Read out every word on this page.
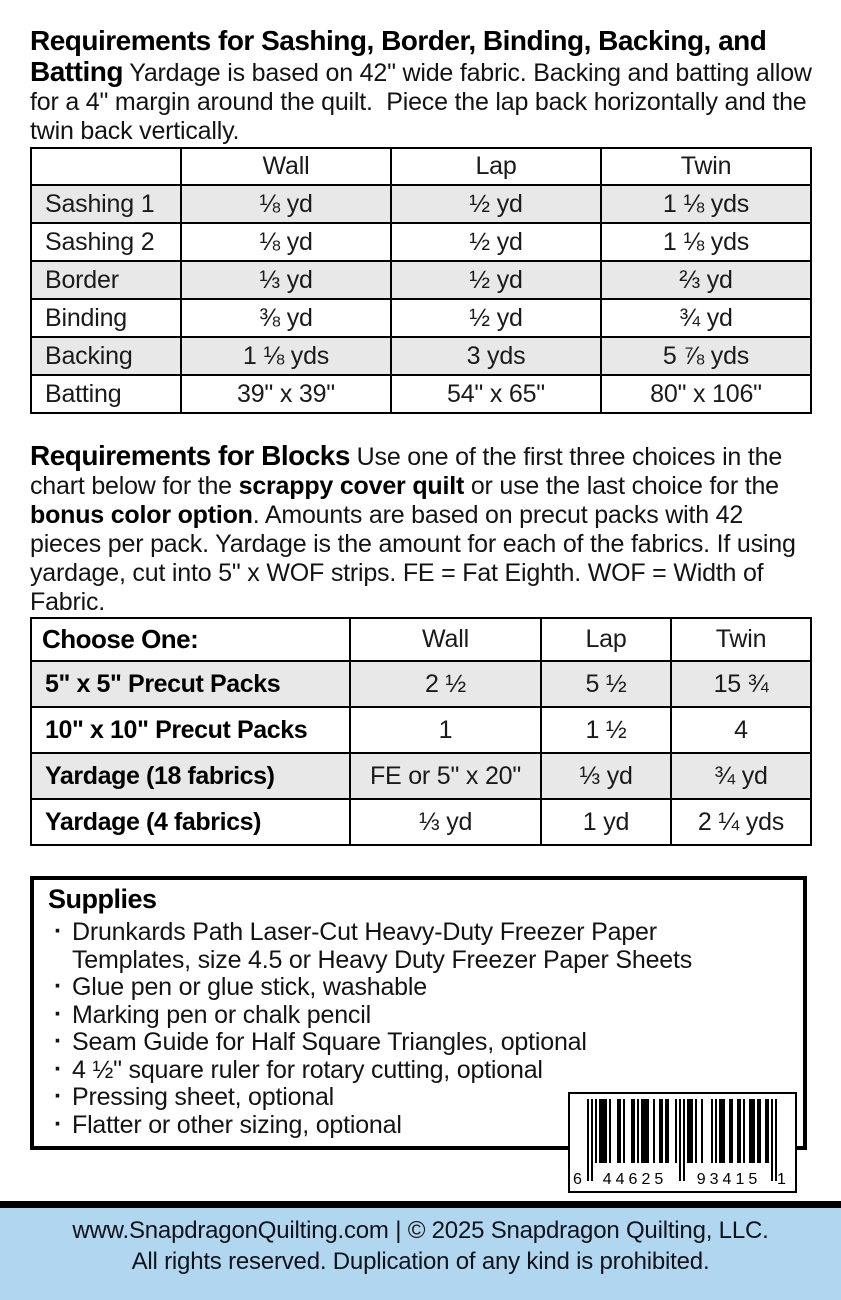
Requirements for Sashing, Border, Binding, Backing, and Batting Yardage is based on 42" wide fabric. Backing and batting allow for a 4" margin around the quilt.  Piece the lap back horizontally and the twin back vertically.
	Wall	Lap	Twin
Sashing 1	⅛ yd	½ yd	1 ⅛ yds
Sashing 2	⅛ yd	½ yd	1 ⅛ yds
Border	⅓ yd	½ yd	⅔ yd
Binding	⅜ yd	½ yd	¾ yd
Backing	1 ⅛ yds	3 yds	5 ⅞ yds
Batting	39" x 39"	54" x 65"	80" x 106"
Requirements for Blocks Use one of the first three choices in the chart below for the scrappy cover quilt or use the last choice for the bonus color option. Amounts are based on precut packs with 42 pieces per pack. Yardage is the amount for each of the fabrics. If using yardage, cut into 5" x WOF strips. FE = Fat Eighth. WOF = Width of Fabric.
Choose One:	Wall	Lap	Twin
5" x 5" Precut Packs	2 ½	5 ½	15 ¾
10" x 10" Precut Packs	1	1 ½	4
Yardage (18 fabrics)	FE or 5" x 20"	⅓ yd	¾ yd
Yardage (4 fabrics)	⅓ yd	1 yd	2 ¼ yds
Supplies
· Drunkards Path Laser-Cut Heavy-Duty Freezer Paper Templates, size 4.5 or Heavy Duty Freezer Paper Sheets
· Glue pen or glue stick, washable
· Marking pen or chalk pencil
· Seam Guide for Half Square Triangles, optional
· 4 ½" square ruler for rotary cutting, optional
· Pressing sheet, optional
· Flatter or other sizing, optional
6	44625	93415 1
www.SnapdragonQuilting.com | © 2025 Snapdragon Quilting, LLC.
All rights reserved. Duplication of any kind is prohibited.
